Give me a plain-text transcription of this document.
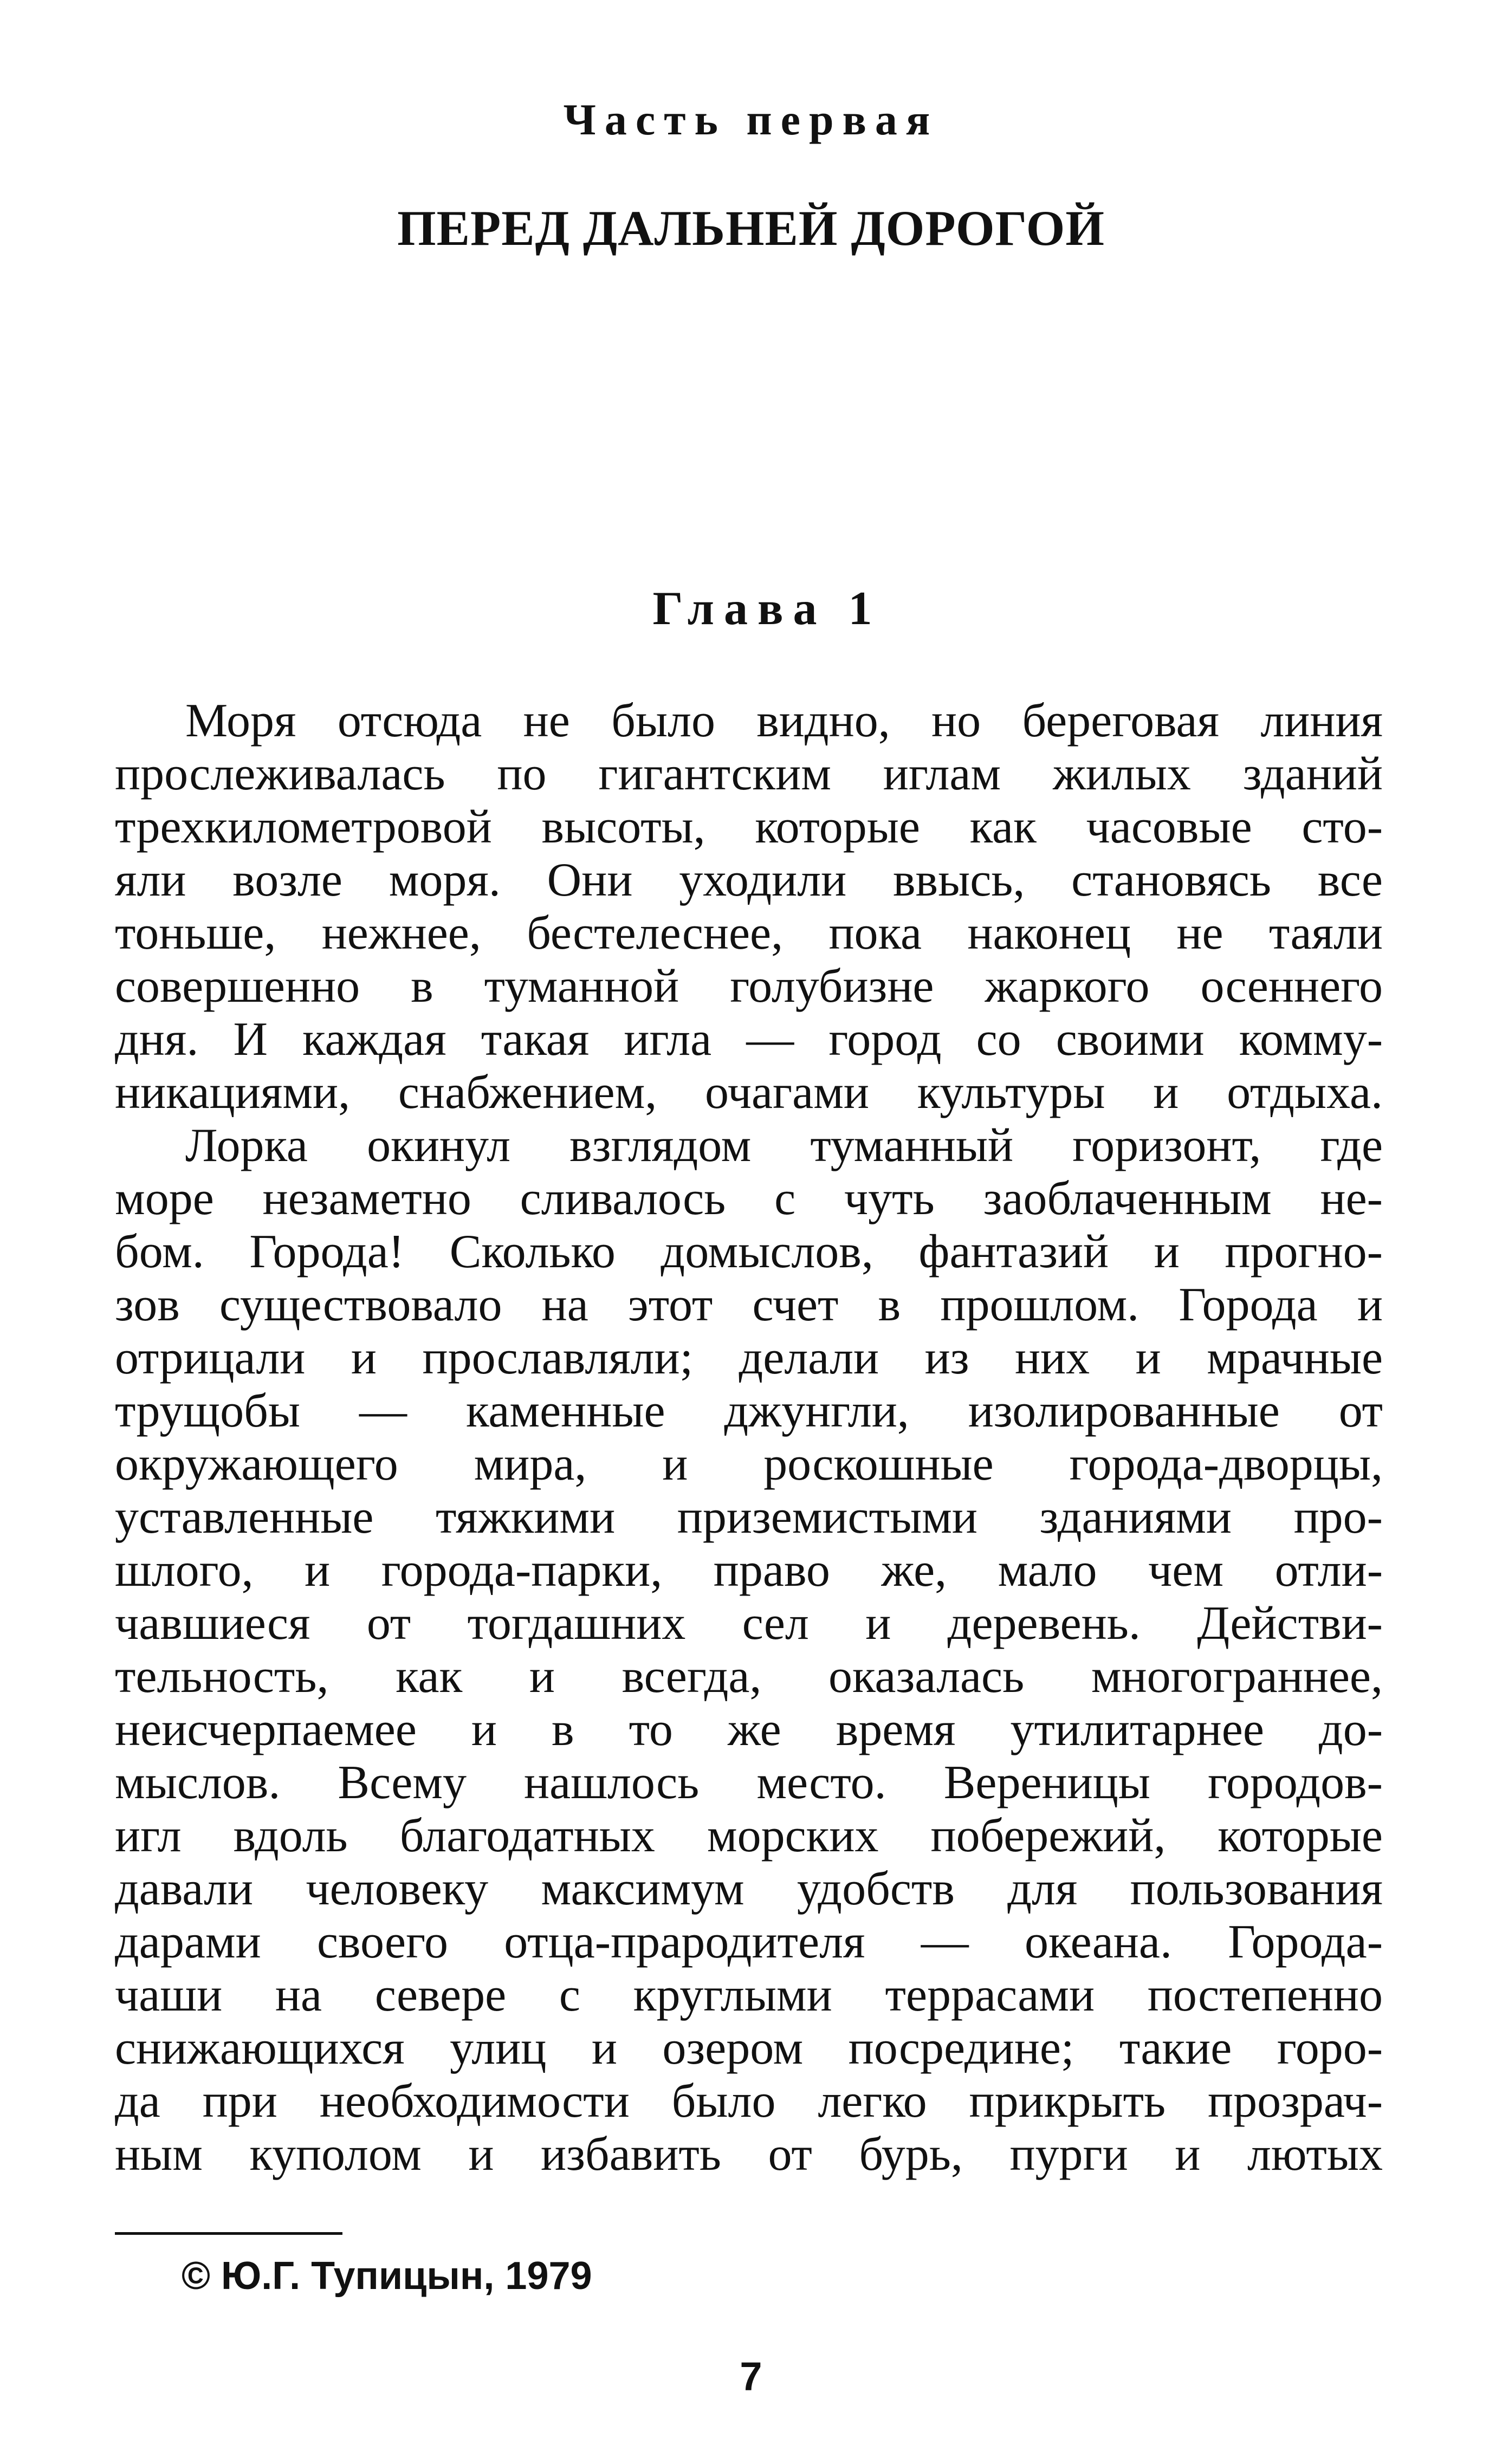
Часть первая
ПЕРЕД ДАЛЬНЕЙ ДОРОГОЙ
Глава 1
Моря отсюда не было видно, но береговая линия
прослеживалась по гигантским иглам жилых зданий
трехкилометровой высоты, которые как часовые сто-
яли возле моря. Они уходили ввысь, становясь все
тоньше, нежнее, бестелеснее, пока наконец не таяли
совершенно в туманной голубизне жаркого осеннего
дня. И каждая такая игла — город со своими комму-
никациями, снабжением, очагами культуры и отдыха.
Лорка окинул взглядом туманный горизонт, где
море незаметно сливалось с чуть заоблаченным не-
бом. Города! Сколько домыслов, фантазий и прогно-
зов существовало на этот счет в прошлом. Города и
отрицали и прославляли; делали из них и мрачные
трущобы — каменные джунгли, изолированные от
окружающего мира, и роскошные города-дворцы,
уставленные тяжкими приземистыми зданиями про-
шлого, и города-парки, право же, мало чем отли-
чавшиеся от тогдашних сел и деревень. Действи-
тельность, как и всегда, оказалась многограннее,
неисчерпаемее и в то же время утилитарнее до-
мыслов. Всему нашлось место. Вереницы городов-
игл вдоль благодатных морских побережий, которые
давали человеку максимум удобств для пользования
дарами своего отца-прародителя — океана. Города-
чаши на севере с круглыми террасами постепенно
снижающихся улиц и озером посредине; такие горо-
да при необходимости было легко прикрыть прозрач-
ным куполом и избавить от бурь, пурги и лютых
© Ю.Г. Тупицын, 1979
7
